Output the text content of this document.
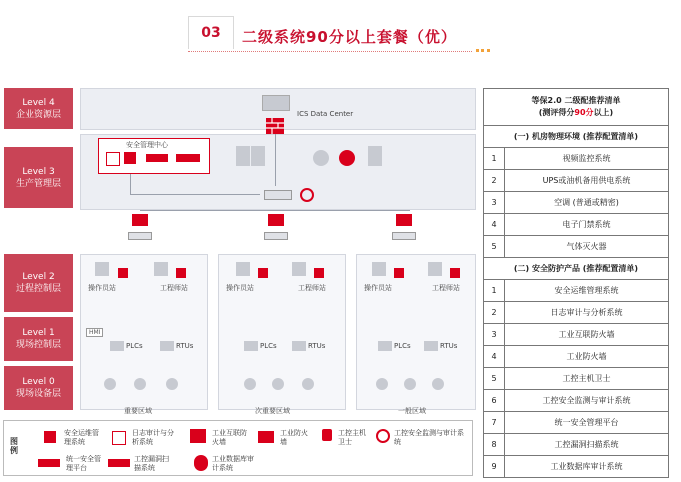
03	二级系统90分以上套餐（优）
Level 4
企业资源层
Level 3
生产管理层
Level 2
过程控制层
Level 1
现场控制层
Level 0
现场设备层
ICS Data Center
安全管理中心
操作员站	工程师站
HMI
PLCs	RTUs
重要区域
操作员站	工程师站
PLCs	RTUs
次重要区域
操作员站	工程师站
PLCs	RTUs
一般区域
图例
安全运维管理系统
日志审计与分析系统
工业互联防火墙
工业防火墙
工控主机卫士
工控安全监测与审计系统
统一安全管理平台
工控漏洞扫描系统
工业数据库审计系统
等保2.0 二级配推荐清单
(测评得分90分以上)	

(一) 机房物理环境 (推荐配置清单)	
1	视频监控系统
2	UPS或油机备用供电系统
3	空调 (普通或精密)
4	电子门禁系统
5	气体灭火器
(二) 安全防护产品 (推荐配置清单)	
1	安全运维管理系统
2	日志审计与分析系统
3	工业互联防火墙
4	工业防火墙
5	工控主机卫士
6	工控安全监测与审计系统
7	统一安全管理平台
8	工控漏洞扫描系统
9	工业数据库审计系统
